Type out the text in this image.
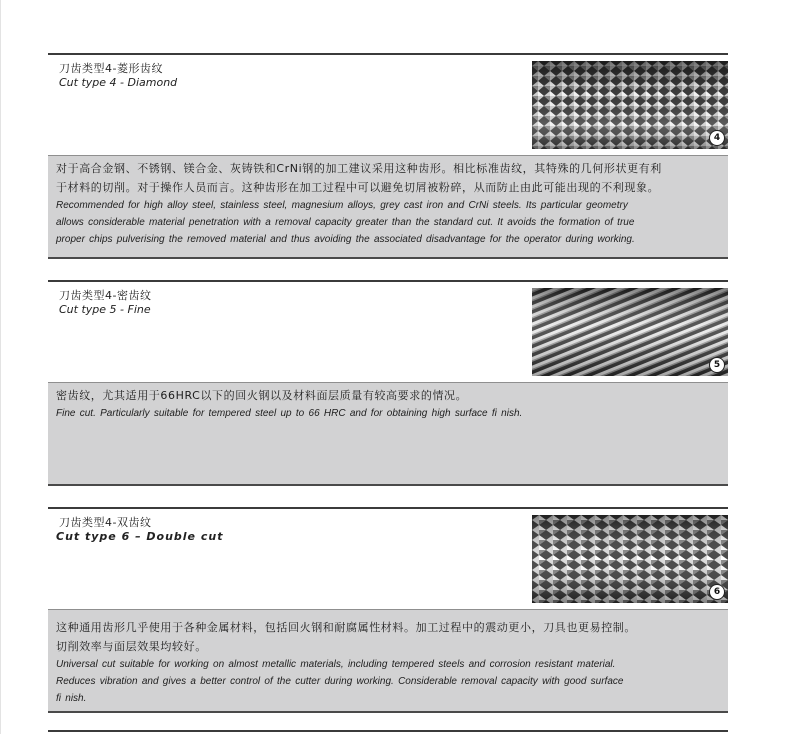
刀齿类型4-菱形齿纹
Cut type 4 - Diamond
4
对于高合金钢、不锈钢、镁合金、灰铸铁和CrNi钢的加工建议采用这种齿形。相比标准齿纹，其特殊的几何形状更有利
于材料的切削。对于操作人员而言。这种齿形在加工过程中可以避免切屑被粉碎，从而防止由此可能出现的不利现象。
Recommended for high alloy steel, stainless steel, magnesium alloys, grey cast iron and CrNi steels. Its particular geometry
allows considerable material penetration with a removal capacity greater than the standard cut. It avoids the formation of true
proper chips pulverising the removed material and thus avoiding the associated disadvantage for the operator during working.
刀齿类型4-密齿纹
Cut type 5 - Fine
5
密齿纹，尤其适用于66HRC以下的回火钢以及材料面层质量有较高要求的情况。
Fine cut. Particularly suitable for tempered steel up to 66 HRC and for obtaining high surface fi nish.
刀齿类型4-双齿纹
Cut type 6 – Double cut
6
这种通用齿形几乎使用于各种金属材料，包括回火钢和耐腐属性材料。加工过程中的震动更小，刀具也更易控制。
切削效率与面层效果均较好。
Universal cut suitable for working on almost metallic materials, including tempered steels and corrosion resistant material.
Reduces vibration and gives a better control of the cutter during working. Considerable removal capacity with good surface
fi nish.
